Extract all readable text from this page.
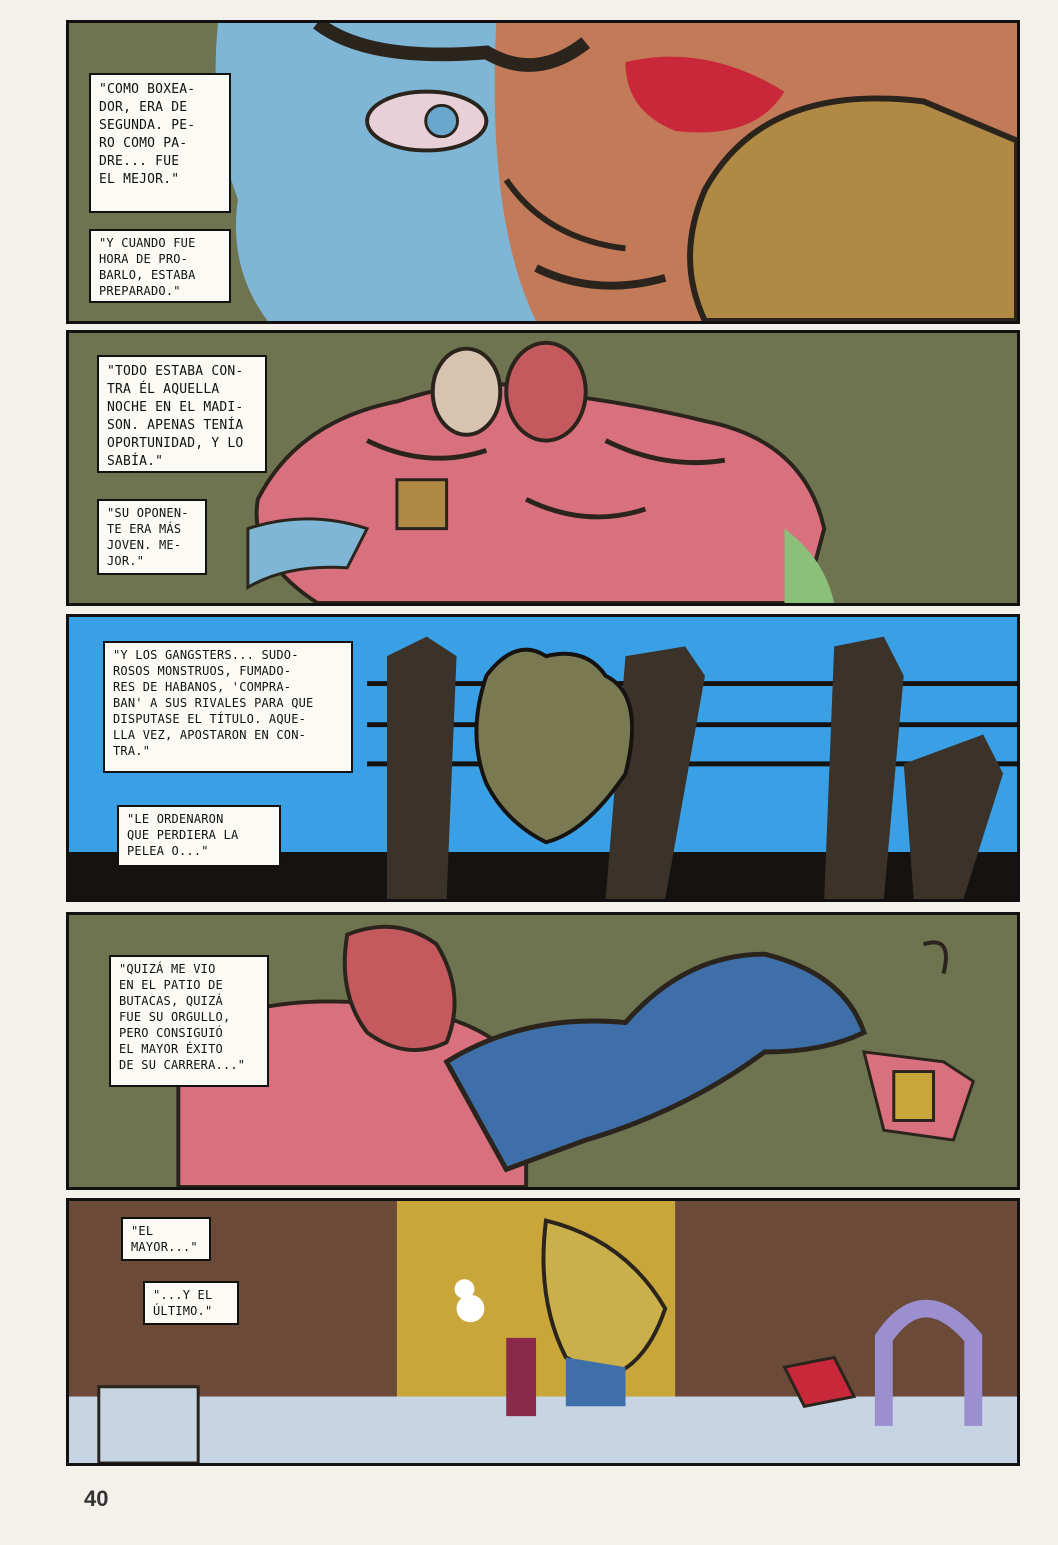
"COMO BOXEA-
DOR, ERA DE
SEGUNDA. PE-
RO COMO PA-
DRE... FUE
EL MEJOR."
"Y CUANDO FUE
HORA DE PRO-
BARLO, ESTABA
PREPARADO."
"TODO ESTABA CON-
TRA ÉL AQUELLA
NOCHE EN EL MADI-
SON. APENAS TENÍA
OPORTUNIDAD, Y LO
SABÍA."
"SU OPONEN-
TE ERA MÁS
JOVEN. ME-
JOR."
"Y LOS GANGSTERS... SUDO-
ROSOS MONSTRUOS, FUMADO-
RES DE HABANOS, 'COMPRA-
BAN' A SUS RIVALES PARA QUE
DISPUTASE EL TÍTULO. AQUE-
LLA VEZ, APOSTARON EN CON-
TRA."
"LE ORDENARON
QUE PERDIERA LA
PELEA O..."
"QUIZÁ ME VIO
EN EL PATIO DE
BUTACAS, QUIZÁ
FUE SU ORGULLO,
PERO CONSIGUIÓ
EL MAYOR ÉXITO
DE SU CARRERA..."
"EL
MAYOR..."
"...Y EL
ÚLTIMO."
40
